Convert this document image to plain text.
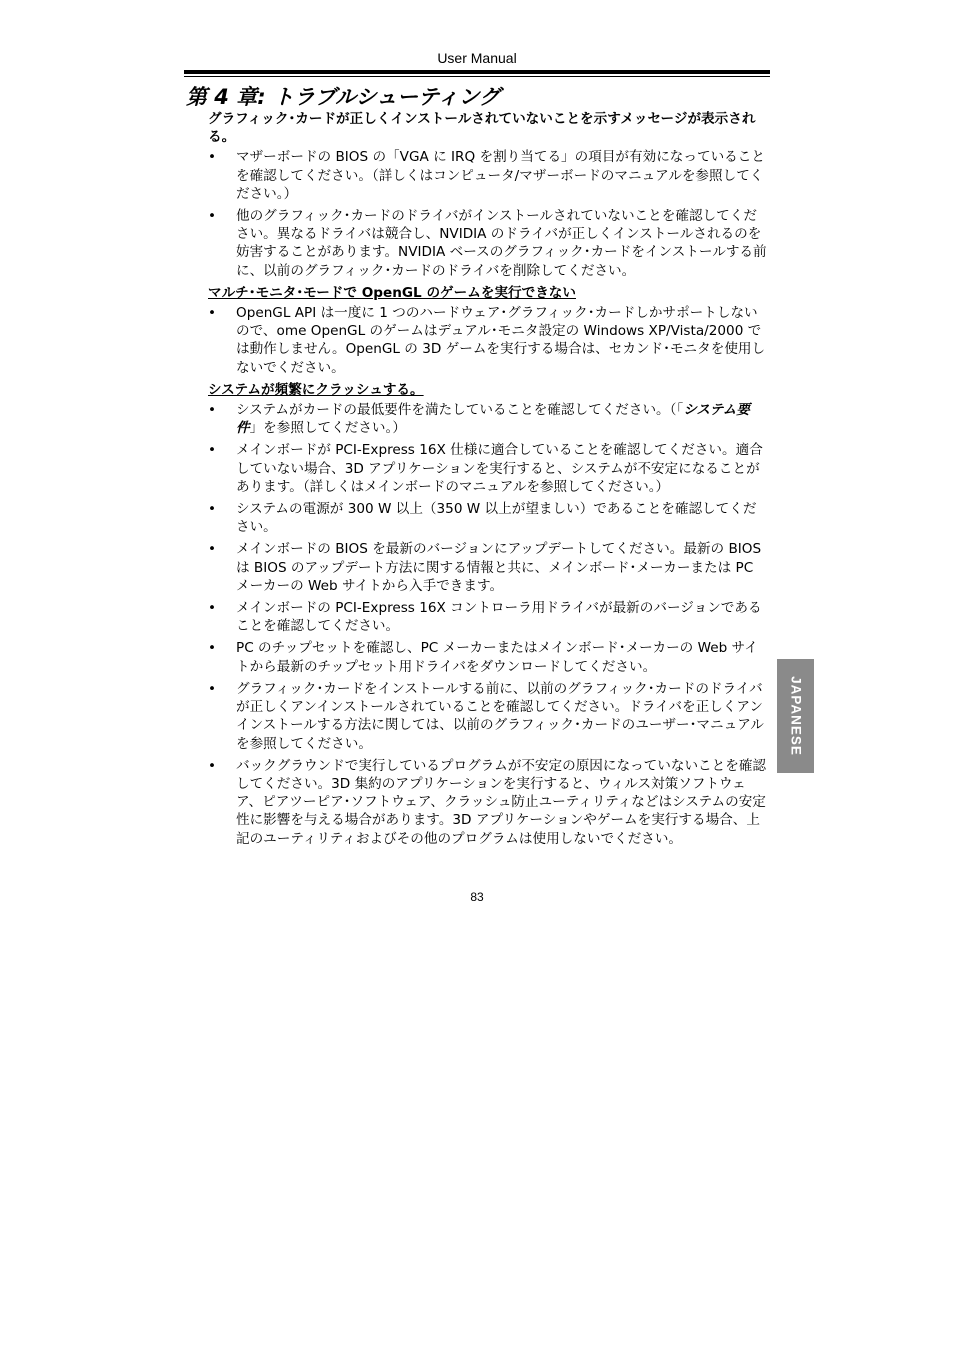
User Manual
第 4 章: トラブルシューティング
グラフィック･カードが正しくインストールされていないことを示すメッセージが表示される。
•	マザーボードの BIOS の「VGA に IRQ を割り当てる」の項目が有効になっていることを確認してください。（詳しくはコンピュータ/マザーボードのマニュアルを参照してください。）
•	他のグラフィック･カードのドライバがインストールされていないことを確認してください。異なるドライバは競合し、NVIDIA のドライバが正しくインストールされるのを妨害することがあります。NVIDIA ベースのグラフィック･カードをインストールする前に、以前のグラフィック･カードのドライバを削除してください。
マルチ･モニタ･モードで OpenGL のゲームを実行できない
•	OpenGL API は一度に 1 つのハードウェア･グラフィック･カードしかサポートしないので、ome OpenGL のゲームはデュアル･モニタ設定の Windows XP/Vista/2000 では動作しません。OpenGL の 3D ゲームを実行する場合は、セカンド･モニタを使用しないでください。
システムが頻繁にクラッシュする。
•	システムがカードの最低要件を満たしていることを確認してください。（「システム要件」を参照してください。）
•	メインボードが PCI-Express 16X 仕様に適合していることを確認してください。適合していない場合、3D アプリケーションを実行すると、システムが不安定になることがあります。（詳しくはメインボードのマニュアルを参照してください。）
•	システムの電源が 300 W 以上（350 W 以上が望ましい）であることを確認してください。
•	メインボードの BIOS を最新のバージョンにアップデートしてください。最新の BIOS は BIOS のアップデート方法に関する情報と共に、メインボード･メーカーまたは PC メーカーの Web サイトから入手できます。
•	メインボードの PCI-Express 16X コントローラ用ドライバが最新のバージョンであることを確認してください。
•	PC のチップセットを確認し、PC メーカーまたはメインボード･メーカーの Web サイトから最新のチップセット用ドライバをダウンロードしてください。
•	グラフィック･カードをインストールする前に、以前のグラフィック･カードのドライバが正しくアンインストールされていることを確認してください。ドライバを正しくアンインストールする方法に関しては、以前のグラフィック･カードのユーザー･マニュアルを参照してください。
•	バックグラウンドで実行しているプログラムが不安定の原因になっていないことを確認してください。3D 集約のアプリケーションを実行すると、ウィルス対策ソフトウェア、ピアツーピア･ソフトウェア、クラッシュ防止ユーティリティなどはシステムの安定性に影響を与える場合があります。3D アプリケーションやゲームを実行する場合、上記のユーティリティおよびその他のプログラムは使用しないでください。
83
JAPANESE
